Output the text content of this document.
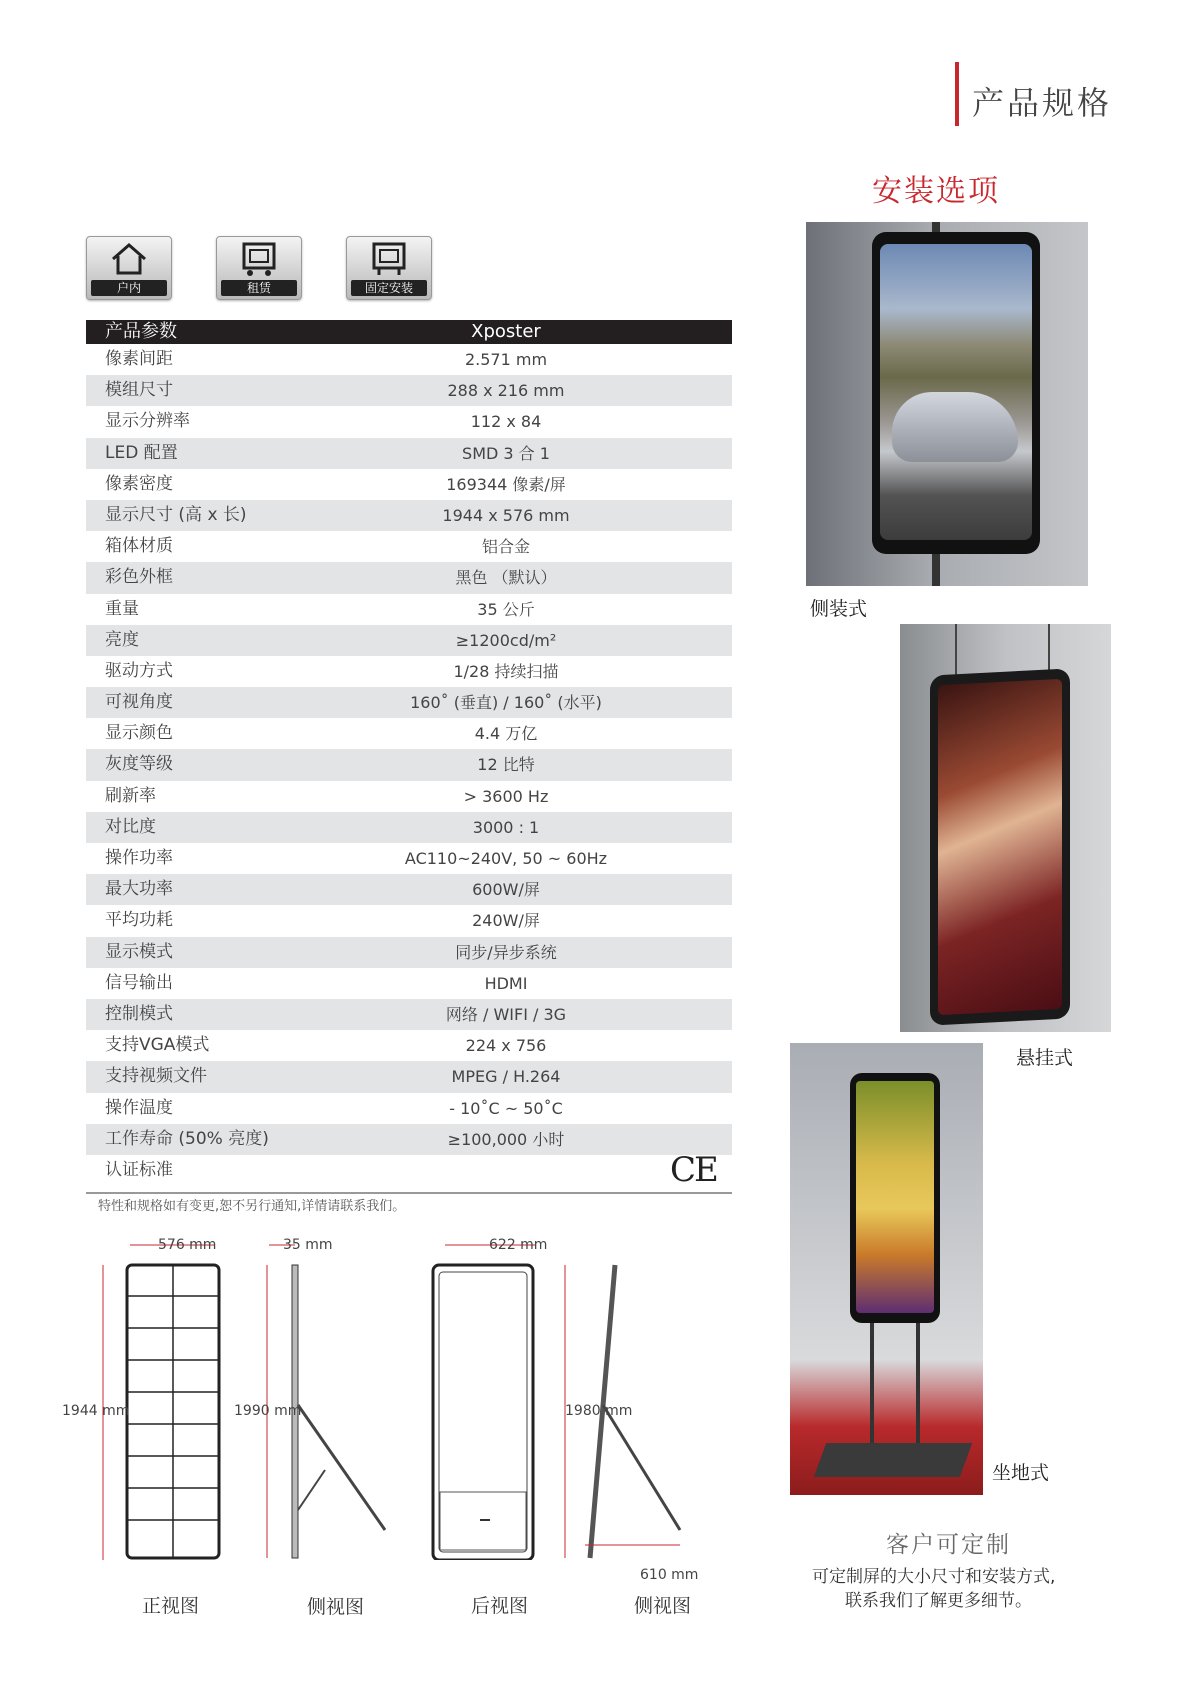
产品规格
安装选项
户内	租赁	固定安装
产品参数	Xposter
像素间距	2.571 mm
模组尺寸	288 x 216 mm
显示分辨率	112 x 84
LED 配置	SMD 3 合 1
像素密度	169344 像素/屏
显示尺寸 (高 x 长)	1944 x 576 mm
箱体材质	铝合金
彩色外框	黑色 （默认）
重量	35 公斤
亮度	≥1200cd/m²
驱动方式	1/28 持续扫描
可视角度	160˚ (垂直) / 160˚ (水平)
显示颜色	4.4 万亿
灰度等级	12 比特
刷新率	> 3600 Hz
对比度	3000 : 1
操作功率	AC110~240V, 50 ~ 60Hz
最大功率	600W/屏
平均功耗	240W/屏
显示模式	同步/异步系统
信号输出	HDMI
控制模式	网络 / WIFI / 3G
支持VGA模式	224 x 756
支持视频文件	MPEG / H.264
操作温度	- 10˚C ~ 50˚C
工作寿命 (50% 亮度)	≥100,000 小时
认证标准	CE
特性和规格如有变更,恕不另行通知,详情请联系我们。
侧装式
悬挂式
坐地式
客户可定制
可定制屏的大小尺寸和安装方式,
联系我们了解更多细节。
576 mm
1944 mm
35 mm
1990 mm
622 mm
1980 mm
610 mm
正视图	侧视图	后视图	侧视图
